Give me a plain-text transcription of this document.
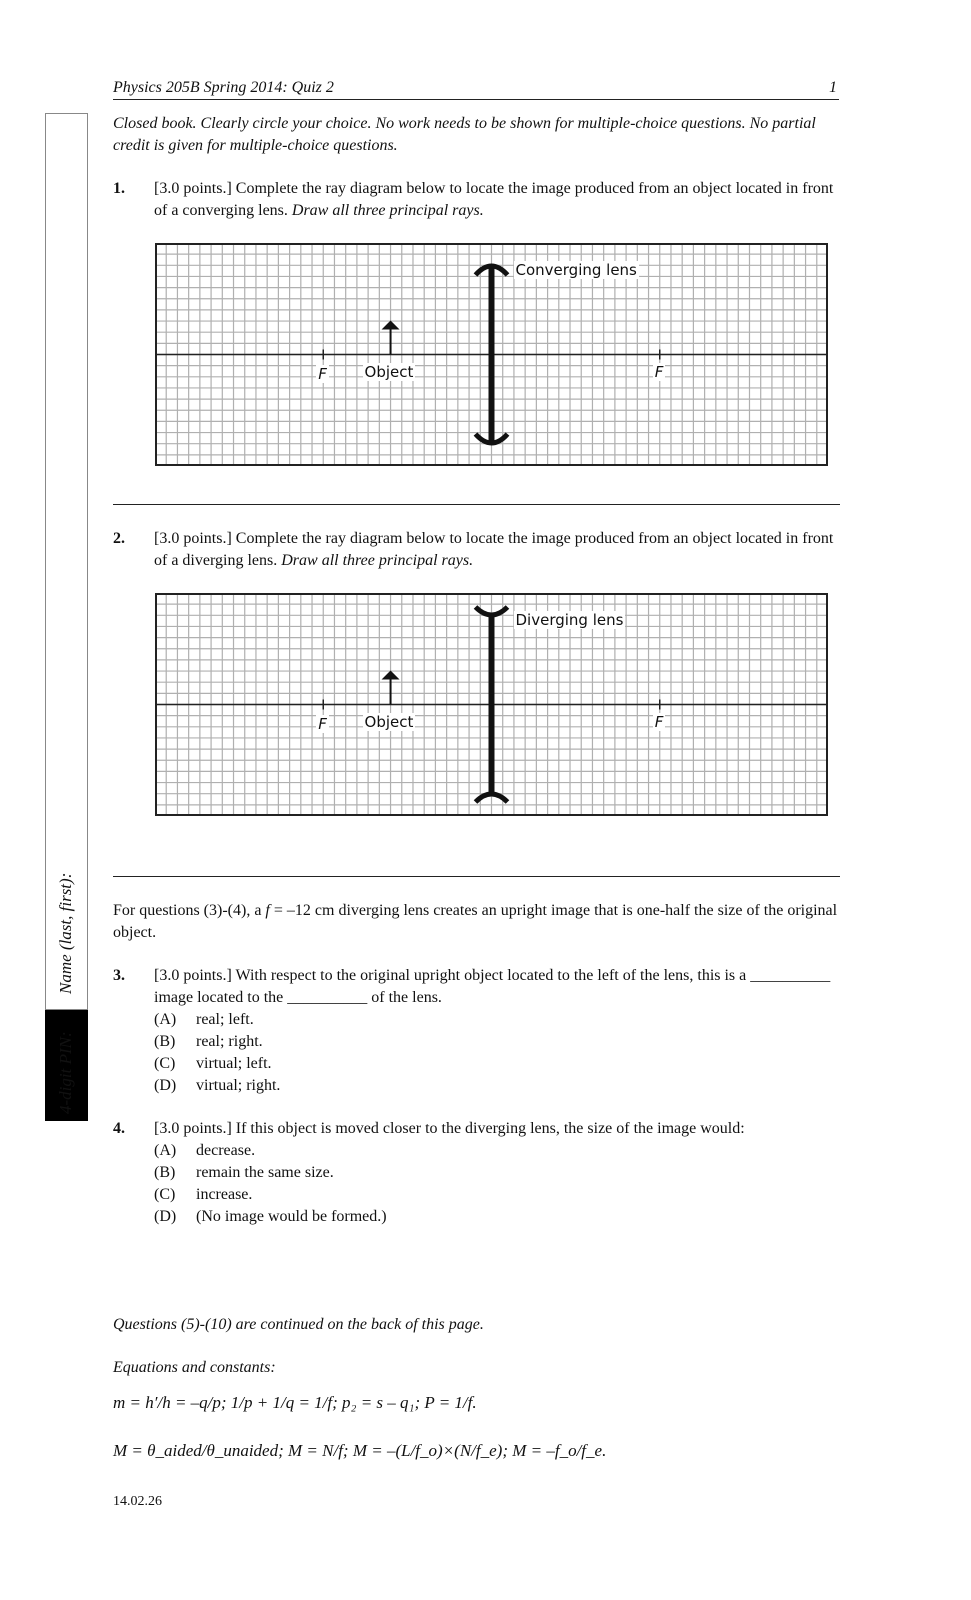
Physics 205B Spring 2014: Quiz 2	1
Name (last, first):
4-digit PIN:
Quiz 2
Closed book. Clearly circle your choice. No work needs to be shown for multiple-choice questions. No partial credit is given for multiple-choice questions.
1. [3.0 points.] Complete the ray diagram below to locate the image produced from an object located in front of a converging lens. Draw all three principal rays.
Converging lens
Object
F	F
2. [3.0 points.] Complete the ray diagram below to locate the image produced from an object located in front of a diverging lens. Draw all three principal rays.
Diverging lens
Object
F	F
For questions (3)-(4), a f = –12 cm diverging lens creates an upright image that is one-half the size of the original object.
3. [3.0 points.] With respect to the original upright object located to the left of the lens, this is a __________ image located to the __________ of the lens.
(A) real; left.
(B) real; right.
(C) virtual; left.
(D) virtual; right.
4. [3.0 points.] If this object is moved closer to the diverging lens, the size of the image would:
(A) decrease.
(B) remain the same size.
(C) increase.
(D) (No image would be formed.)
Questions (5)-(10) are continued on the back of this page.
Equations and constants:
m = h′/h = –q/p; 1/p + 1/q = 1/f; p₂ = s – q₁; P = 1/f.
M = θ_aided/θ_unaided; M = N/f; M = –(L/f_o)×(N/f_e); M = –f_o/f_e.
14.02.26
